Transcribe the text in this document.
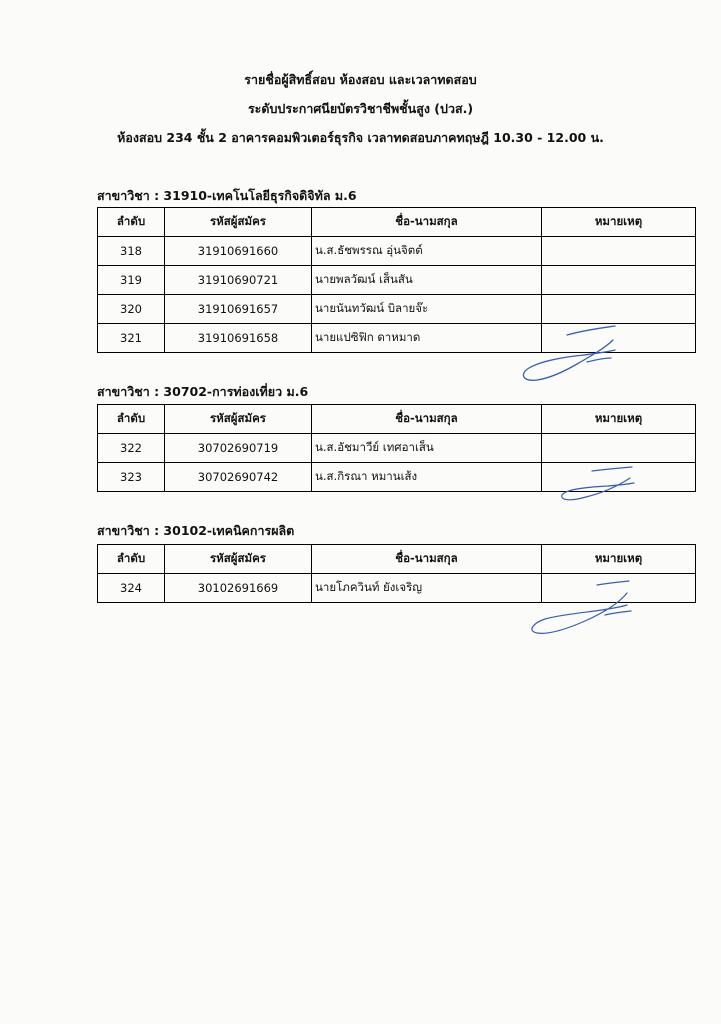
รายชื่อผู้สิทธิ์สอบ ห้องสอบ และเวลาทดสอบ
ระดับประกาศนียบัตรวิชาชีพชั้นสูง (ปวส.)
ห้องสอบ 234 ชั้น 2 อาคารคอมพิวเตอร์ธุรกิจ เวลาทดสอบภาคทฤษฎี 10.30 - 12.00 น.
สาขาวิชา : 31910-เทคโนโลยีธุรกิจดิจิทัล ม.6
ลำดับ	รหัสผู้สมัคร	ชื่อ-นามสกุล	หมายเหตุ
318	31910691660	น.ส.ธัชพรรณ อุ่นจิตต์	
319	31910690721	นายพลวัฒน์ เส็นสัน	
320	31910691657	นายนันทวัฒน์ บิลายจ๊ะ	
321	31910691658	นายแปซิฟิก ดาหมาด	
สาขาวิชา : 30702-การท่องเที่ยว ม.6
ลำดับ	รหัสผู้สมัคร	ชื่อ-นามสกุล	หมายเหตุ
322	30702690719	น.ส.อัชมาวีย์ เทศอาเส็น	
323	30702690742	น.ส.กิรณา หมานเส้ง	
สาขาวิชา : 30102-เทคนิคการผลิต
ลำดับ	รหัสผู้สมัคร	ชื่อ-นามสกุล	หมายเหตุ
324	30102691669	นายโภควินท์ ยังเจริญ	
